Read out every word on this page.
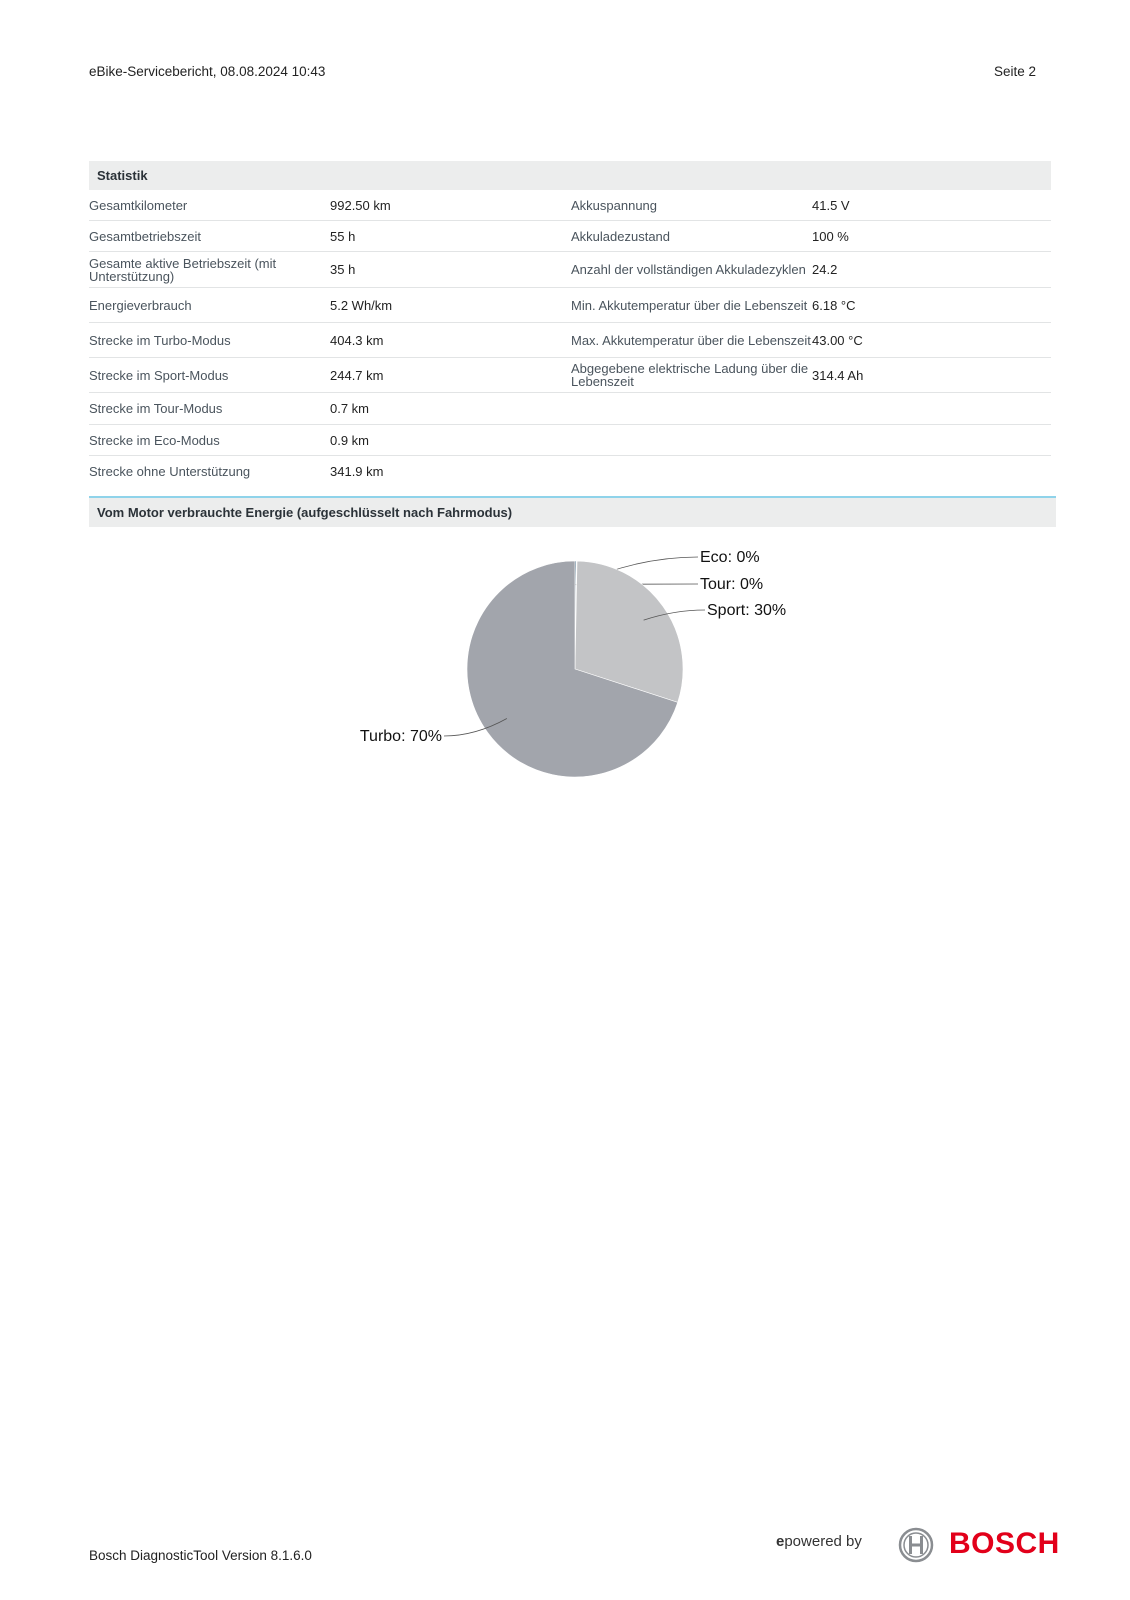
eBike-Servicebericht, 08.08.2024 10:43	Seite 2
Statistik
Gesamtkilometer	992.50 km	Akkuspannung	41.5 V
Gesamtbetriebszeit	55 h	Akkuladezustand	100 %
Gesamte aktive Betriebszeit (mit Unterstützung)	35 h	Anzahl der vollständigen Akkuladezyklen 24.2
Energieverbrauch	5.2 Wh/km	Min. Akkutemperatur über die Lebenszeit 6.18 °C
Strecke im Turbo-Modus	404.3 km	Max. Akkutemperatur über die Lebenszeit 43.00 °C
Strecke im Sport-Modus	244.7 km	Abgegebene elektrische Ladung über die Lebenszeit	314.4 Ah
Strecke im Tour-Modus	0.7 km
Strecke im Eco-Modus	0.9 km
Strecke ohne Unterstützung	341.9 km
Vom Motor verbrauchte Energie (aufgeschlüsselt nach Fahrmodus)
Eco: 0%
Tour: 0%
Sport: 30%
Turbo: 70%
Bosch DiagnosticTool Version 8.1.6.0
epowered by	BOSCH
